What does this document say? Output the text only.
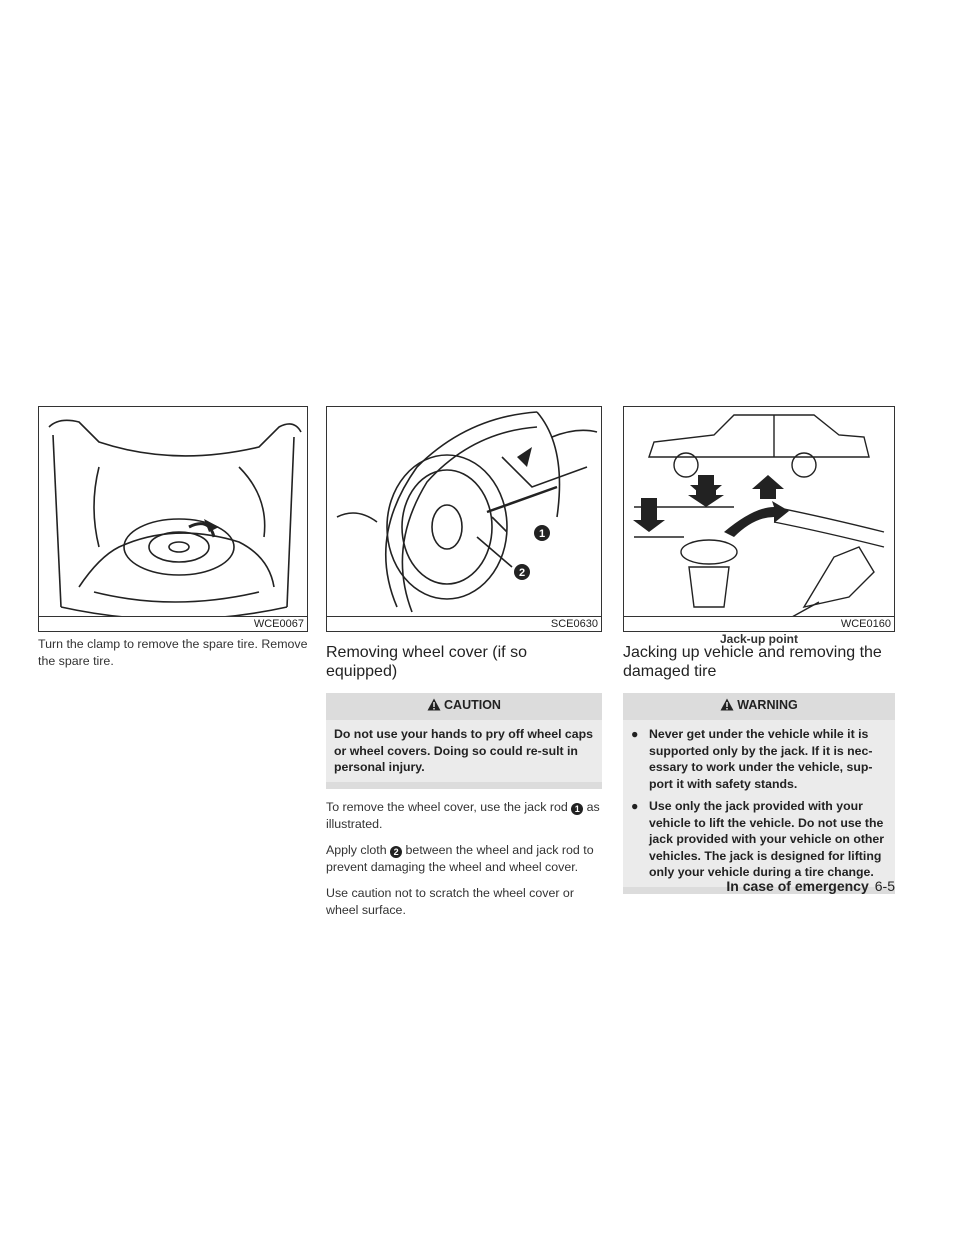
WCE0067
1
2
SCE0630	WCE0160
Jack-up point

Turn the clamp to remove the spare tire. Remove the spare tire.	Removing wheel cover (if so equipped)
CAUTION
Do not use your hands to pry off wheel caps or wheel covers. Doing so could re-sult in personal injury.

To remove the wheel cover, use the jack rod 1 as illustrated.

Apply cloth 2 between the wheel and jack rod to prevent damaging the wheel and wheel cover.

Use caution not to scratch the wheel cover or wheel surface.

Jacking up vehicle and removing the damaged tire
WARNING
● Never get under the vehicle while it is supported only by the jack. If it is nec-essary to work under the vehicle, sup-port it with safety stands.
● Use only the jack provided with your vehicle to lift the vehicle. Do not use the jack provided with your vehicle on other vehicles. The jack is designed for lifting only your vehicle during a tire change.
In case of emergency 6-5
